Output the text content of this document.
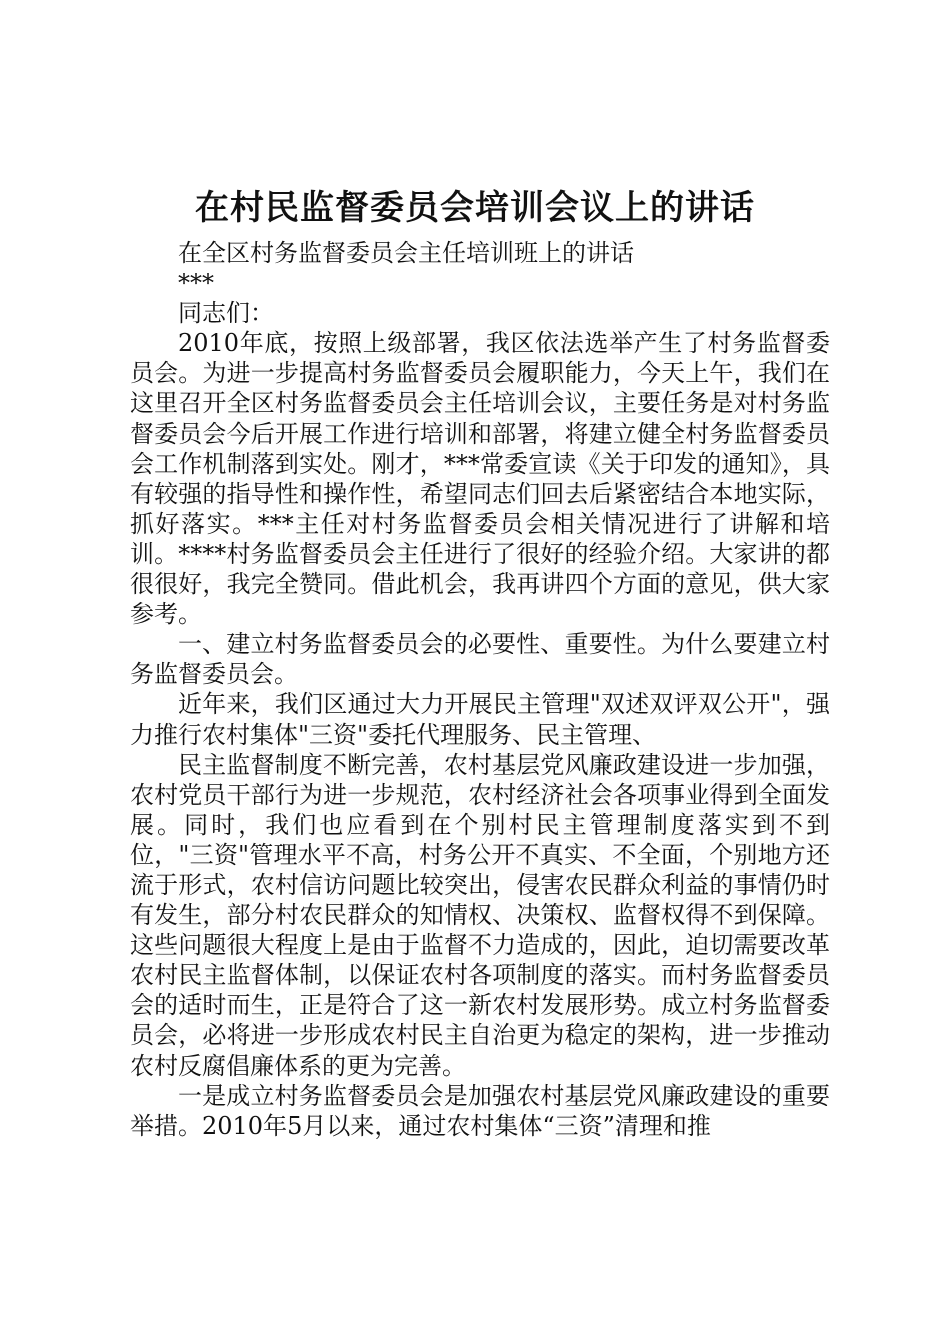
在村民监督委员会培训会议上的讲话

在全区村务监督委员会主任培训班上的讲话

***

同志们：

2010年底，按照上级部署，我区依法选举产生了村务监督委员会。为进一步提高村务监督委员会履职能力，今天上午，我们在这里召开全区村务监督委员会主任培训会议，主要任务是对村务监督委员会今后开展工作进行培训和部署，将建立健全村务监督委员会工作机制落到实处。刚才，***常委宣读《关于印发的通知》，具有较强的指导性和操作性，希望同志们回去后紧密结合本地实际，抓好落实。***主任对村务监督委员会相关情况进行了讲解和培训。****村务监督委员会主任进行了很好的经验介绍。大家讲的都很很好，我完全赞同。借此机会，我再讲四个方面的意见，供大家参考。

一、建立村务监督委员会的必要性、重要性。为什么要建立村务监督委员会。

近年来，我们区通过大力开展民主管理"双述双评双公开"，强力推行农村集体"三资"委托代理服务、民主管理、

民主监督制度不断完善，农村基层党风廉政建设进一步加强，农村党员干部行为进一步规范，农村经济社会各项事业得到全面发展。同时，我们也应看到在个别村民主管理制度落实到不到位，"三资"管理水平不高，村务公开不真实、不全面，个别地方还流于形式，农村信访问题比较突出，侵害农民群众利益的事情仍时有发生，部分村农民群众的知情权、决策权、监督权得不到保障。这些问题很大程度上是由于监督不力造成的，因此，迫切需要改革农村民主监督体制，以保证农村各项制度的落实。而村务监督委员会的适时而生，正是符合了这一新农村发展形势。成立村务监督委员会，必将进一步形成农村民主自治更为稳定的架构，进一步推动农村反腐倡廉体系的更为完善。

一是成立村务监督委员会是加强农村基层党风廉政建设的重要举措。2010年5月以来，通过农村集体“三资”清理和推
